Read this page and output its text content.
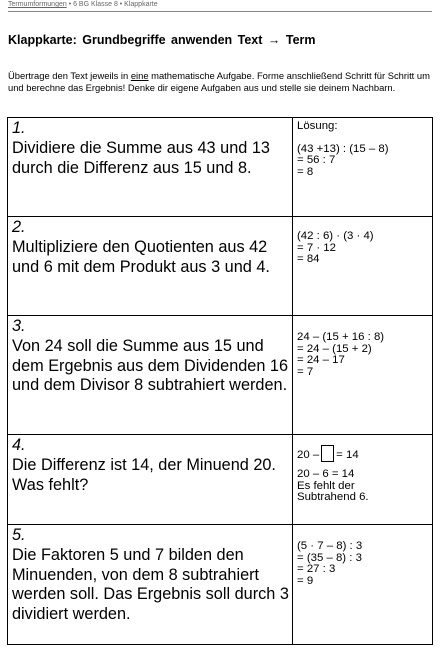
Termumformungen • 6 BG Klasse 8 • Klappkarte
Klappkarte: Grundbegriffe anwenden Text → Term
Übertrage den Text jeweils in eine mathematische Aufgabe. Forme anschließend Schritt für Schritt um und berechne das Ergebnis! Denke dir eigene Aufgaben aus und stelle sie deinem Nachbarn.
1.
Dividiere die Summe aus 43 und 13 durch die Differenz aus 15 und 8.	Lösung:
(43 +13) : (15 – 8)
= 56 : 7
= 8

2.
Multipliziere den Quotienten aus 42 und 6 mit dem Produkt aus 3 und 4.	(42 : 6) · (3 · 4)
= 7 · 12
= 84

3.
Von 24 soll die Summe aus 15 und dem Ergebnis aus dem Dividenden 16 und dem Divisor 8 subtrahiert werden.	24 – (15 + 16 : 8)
= 24 – (15 + 2)
= 24 – 17
= 7

4.
Die Differenz ist 14, der Minuend 20. Was fehlt?	20 – = 14
20 – 6 = 14
Es fehlt der
Subtrahend 6.

5.
Die Faktoren 5 und 7 bilden den Minuenden, von dem 8 subtrahiert werden soll. Das Ergebnis soll durch 3 dividiert werden.	(5 · 7 – 8) : 3
= (35 – 8) : 3
= 27 : 3
= 9
